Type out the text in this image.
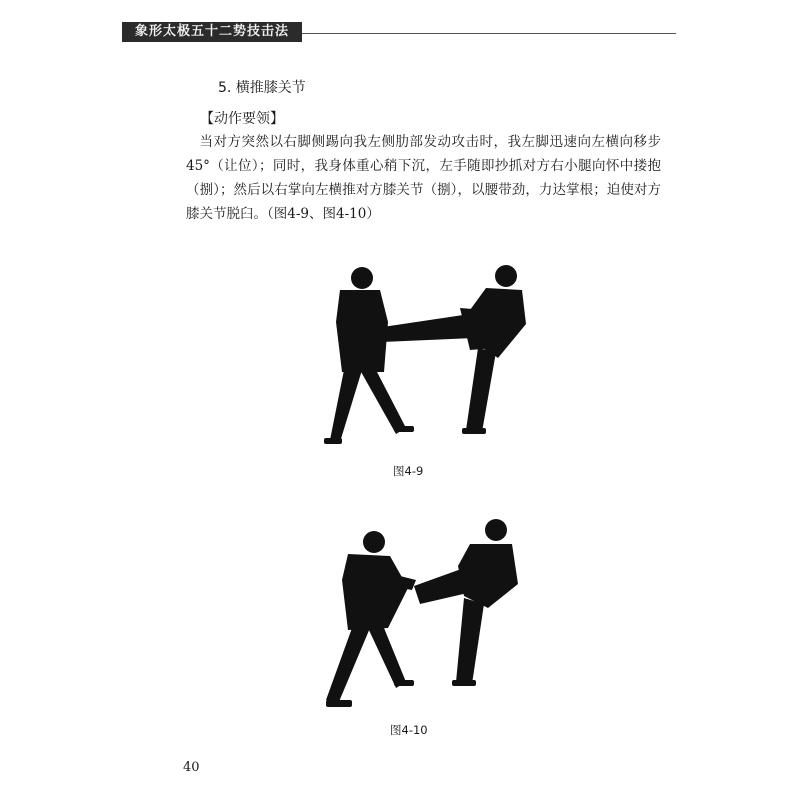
象形太极五十二势技击法
5. 横推膝关节
【动作要领】

当对方突然以右脚侧踢向我左侧肋部发动攻击时，我左脚迅速向左横向移步45°（让位）；同时，我身体重心稍下沉，左手随即抄抓对方右小腿向怀中搂抱（捌）；然后以右掌向左横推对方膝关节（捌），以腰带劲，力达掌根；迫使对方膝关节脱臼。（图4-9、图4-10）

图4-9
图4-10
40
